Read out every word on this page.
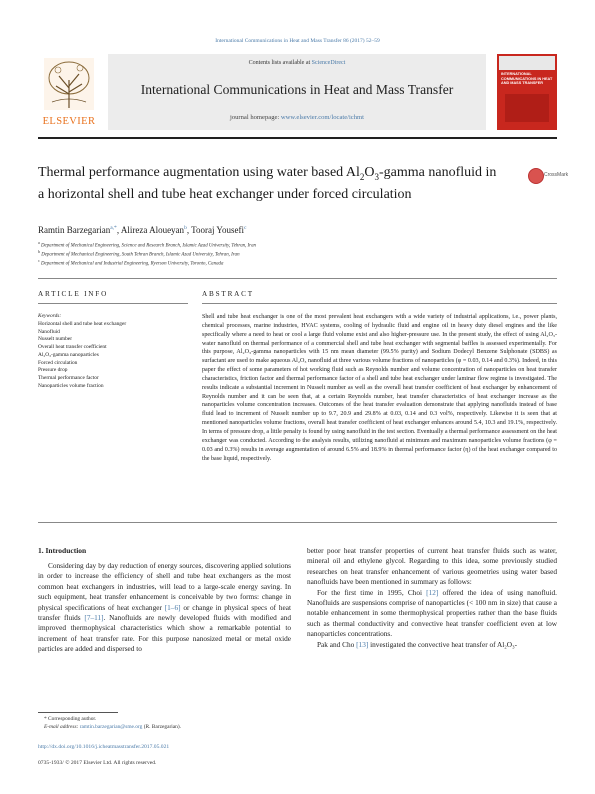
International Communications in Heat and Mass Transfer 86 (2017) 52–59
ELSEVIER
Contents lists available at ScienceDirect
International Communications in Heat and Mass Transfer
journal homepage: www.elsevier.com/locate/ichmt
INTERNATIONAL COMMUNICATIONS IN HEAT AND MASS TRANSFER
Thermal performance augmentation using water based $Al_2O_3$-gamma nanofluid in a horizontal shell and tube heat exchanger under forced circulation
CrossMark
Ramtin Barzegarian$^{a,*}$, Alireza Aloueyan$^b$, Tooraj Yousefi$^c$
$^a$ Department of Mechanical Engineering, Science and Research Branch, Islamic Azad University, Tehran, Iran
$^b$ Department of Mechanical Engineering, South Tehran Branch, Islamic Azad University, Tehran, Iran
$^c$ Department of Mechanical and Industrial Engineering, Ryerson University, Toronto, Canada
ARTICLE INFO	ABSTRACT
Keywords:
Horizontal shell and tube heat exchanger
Nanofluid
Nusselt number
Overall heat transfer coefficient
Al₂O₃-gamma nanoparticles
Forced circulation
Pressure drop
Thermal performance factor
Nanoparticles volume fraction
Shell and tube heat exchanger is one of the most prevalent heat exchangers with a wide variety of industrial applications, i.e., power plants, chemical processes, marine industries, HVAC systems, cooling of hydraulic fluid and engine oil in heavy duty diesel engines and the like specifically where a need to heat or cool a large fluid volume exist and also higher-pressure use. In the present study, the effect of using Al₂O₃-water nanofluid on thermal performance of a commercial shell and tube heat exchanger with segmental baffles is assessed experimentally. For this purpose, Al₂O₃-gamma nanoparticles with 15 nm mean diameter (99.5% purity) and Sodium Dodecyl Benzene Sulphonate (SDBS) as surfactant are used to make aqueous Al₂O₃ nanofluid at three various volume fractions of nanoparticles (φ = 0.03, 0.14 and 0.3%). Indeed, in this paper the effect of some parameters of hot working fluid such as Reynolds number and volume concentration of nanoparticles on heat transfer characteristics, friction factor and thermal performance factor of a shell and tube heat exchanger under laminar flow regime is investigated. The results indicate a substantial increment in Nusselt number as well as the overall heat transfer coefficient of heat exchanger by enhancement of Reynolds number and it can be seen that, at a certain Reynolds number, heat transfer characteristics of heat exchanger increase as the nanoparticles volume concentration increases. Outcomes of the heat transfer evaluation demonstrate that applying nanofluids instead of base fluid lead to increment of Nusselt number up to 9.7, 20.9 and 29.8% at 0.03, 0.14 and 0.3 vol%, respectively. Likewise it is seen that at mentioned nanoparticles volume fractions, overall heat transfer coefficient of heat exchanger enhances around 5.4, 10.3 and 19.1%, respectively. In terms of pressure drop, a little penalty is found by using nanofluid in the test section. Eventually a thermal performance assessment on the heat exchanger was conducted. According to the analysis results, utilizing nanofluid at minimum and maximum nanoparticles volume fractions (φ = 0.03 and 0.3%) results in average augmentation of around 6.5% and 18.9% in thermal performance factor (η) of the heat exchanger compared to the base liquid, respectively.
1. Introduction

Considering day by day reduction of energy sources, discovering applied solutions in order to increase the efficiency of shell and tube heat exchangers as the most common heat exchangers in industries, will lead to a large-scale energy saving. In such equipment, heat transfer enhancement is conceivable by two forms: change in physical specifications of heat exchanger [1–6] or change in physical specs of heat transfer fluids [7–11]. Nanofluids are newly developed fluids with modified and improved thermophysical characteristics which show a remarkable potential to increment of heat transfer rate. For this purpose nanosized metal or metal oxide particles are added and dispersed to

better poor heat transfer properties of current heat transfer fluids such as water, mineral oil and ethylene glycol. Regarding to this idea, some previously studied researches on heat transfer enhancement of various geometries using water based nanofluids have been mentioned in summary as follows:

For the first time in 1995, Choi [12] offered the idea of using nanofluid. Nanofluids are suspensions comprise of nanoparticles (< 100 nm in size) that cause a notable enhancement in some thermophysical properties rather than the base fluids such as thermal conductivity and convective heat transfer coefficient even at low nanoparticles concentrations.

Pak and Cho [13] investigated the convective heat transfer of Al₂O₃-

* Corresponding author.
E-mail address: ramtin.barzegarian@sme.org (R. Barzegarian).
http://dx.doi.org/10.1016/j.icheatmasstransfer.2017.05.021
0735-1933/ © 2017 Elsevier Ltd. All rights reserved.
